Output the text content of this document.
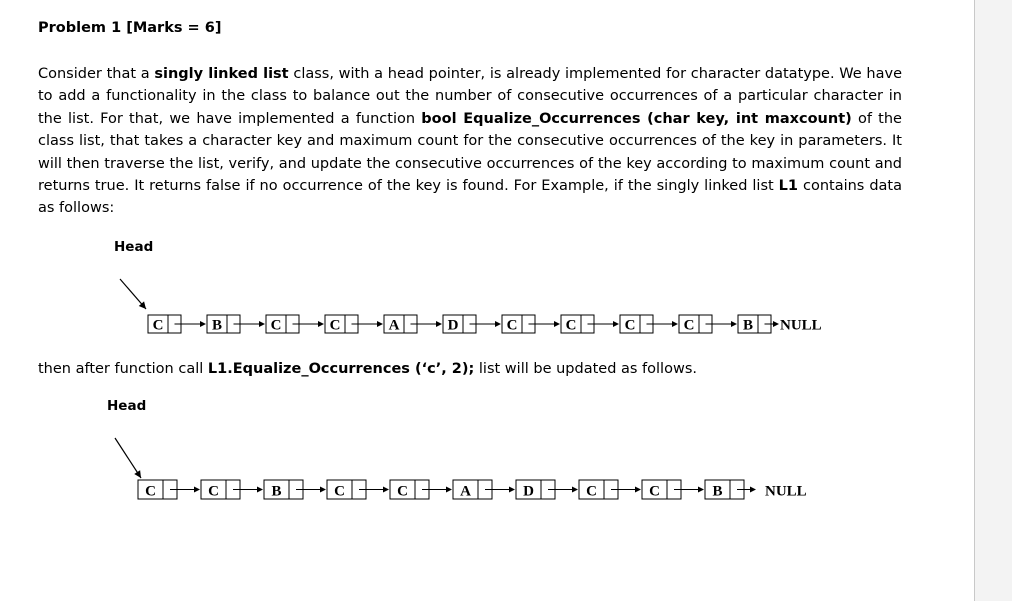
Problem 1 [Marks = 6]

Consider that a singly linked list class, with a head pointer, is already implemented for character datatype. We have to add a functionality in the class to balance out the number of consecutive occurrences of a particular character in the list. For that, we have implemented a function bool Equalize_Occurrences (char key, int maxcount) of the class list, that takes a character key and maximum count for the consecutive occurrences of the key in parameters. It will then traverse the list, verify, and update the consecutive occurrences of the key according to maximum count and returns true. It returns false if no occurrence of the key is found. For Example, if the singly linked list L1 contains data as follows:

Head
C	B	C	C	A	D	C	C	C	C	B NULL

then after function call L1.Equalize_Occurrences (‘c’, 2); list will be updated as follows.

Head
C	C	B	C	C	A	D	C	C	B	NULL
